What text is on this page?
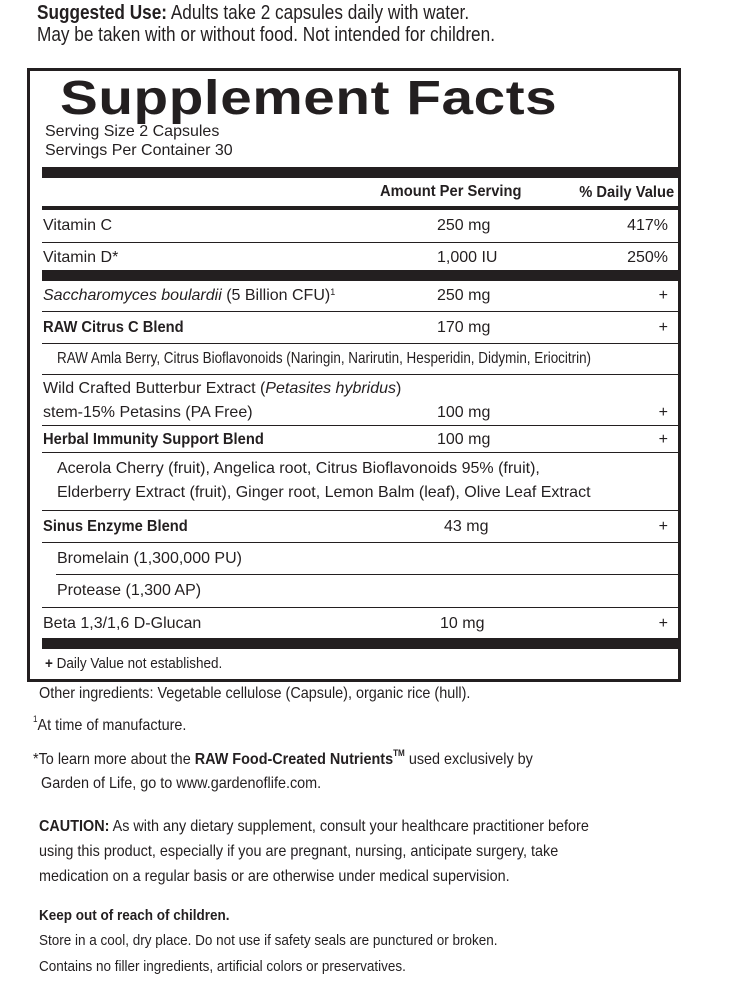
Suggested Use: Adults take 2 capsules daily with water.
May be taken with or without food. Not intended for children.
Supplement Facts
Serving Size 2 Capsules
Servings Per Container 30
Amount Per Serving	% Daily Value
Vitamin C	250 mg	417%
Vitamin D*	1,000 IU	250%
Saccharomyces boulardii (5 Billion CFU)$^1$	250 mg	+
RAW Citrus C Blend	170 mg	+
RAW Amla Berry, Citrus Bioflavonoids (Naringin, Narirutin, Hesperidin, Didymin, Eriocitrin)
Wild Crafted Butterbur Extract (Petasites hybridus)
stem-15% Petasins (PA Free)	100 mg	+
Herbal Immunity Support Blend	100 mg	+
Acerola Cherry (fruit), Angelica root, Citrus Bioflavonoids 95% (fruit),
Elderberry Extract (fruit), Ginger root, Lemon Balm (leaf), Olive Leaf Extract
Sinus Enzyme Blend	43 mg	+
Bromelain (1,300,000 PU)
Protease (1,300 AP)
Beta 1,3/1,6 D-Glucan	10 mg	+
+ Daily Value not established.
Other ingredients: Vegetable cellulose (Capsule), organic rice (hull).
$^1$At time of manufacture.
*To learn more about the RAW Food-Created Nutrients™ used exclusively by
Garden of Life, go to www.gardenoflife.com.
CAUTION: As with any dietary supplement, consult your healthcare practitioner before
using this product, especially if you are pregnant, nursing, anticipate surgery, take
medication on a regular basis or are otherwise under medical supervision.
Keep out of reach of children.
Store in a cool, dry place. Do not use if safety seals are punctured or broken.
Contains no filler ingredients, artificial colors or preservatives.
